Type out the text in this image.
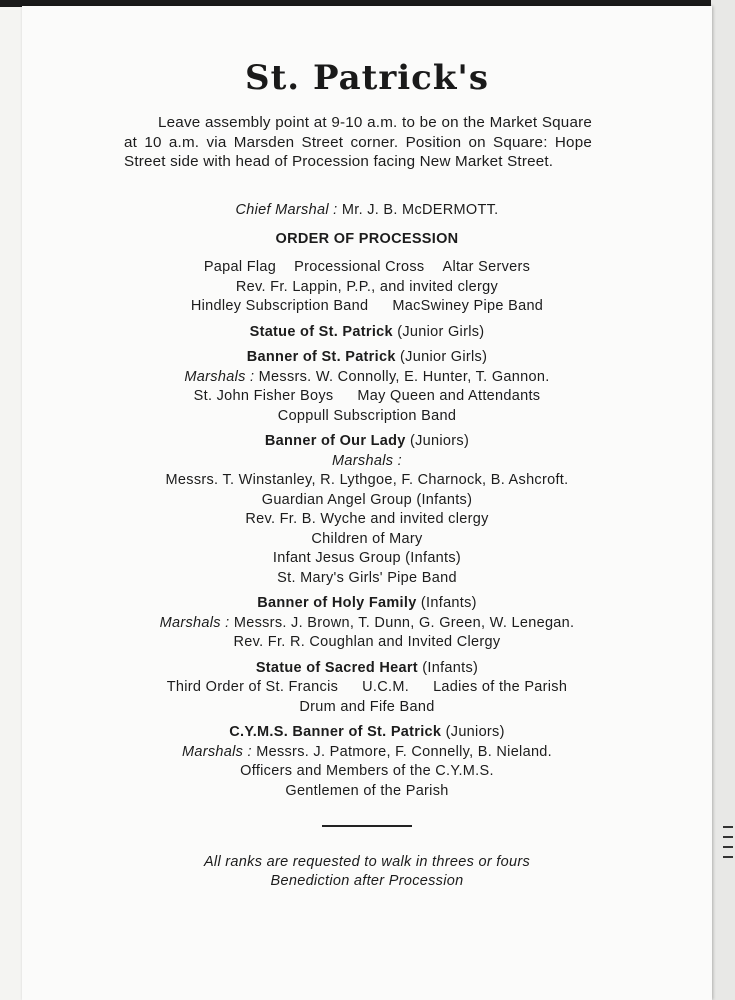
St. Patrick's

Leave assembly point at 9-10 a.m. to be on the Market Square at 10 a.m. via Marsden Street corner. Position on Square: Hope Street side with head of Procession facing New Market Street.

Chief Marshal : Mr. J. B. McDERMOTT.

ORDER OF PROCESSION

Papal Flag Processional Cross Altar Servers

Rev. Fr. Lappin, P.P., and invited clergy

Hindley Subscription Band MacSwiney Pipe Band

Statue of St. Patrick (Junior Girls)

Banner of St. Patrick (Junior Girls)

Marshals : Messrs. W. Connolly, E. Hunter, T. Gannon.

St. John Fisher Boys May Queen and Attendants

Coppull Subscription Band

Banner of Our Lady (Juniors)

Marshals :

Messrs. T. Winstanley, R. Lythgoe, F. Charnock, B. Ashcroft.

Guardian Angel Group (Infants)

Rev. Fr. B. Wyche and invited clergy

Children of Mary

Infant Jesus Group (Infants)

St. Mary's Girls' Pipe Band

Banner of Holy Family (Infants)

Marshals : Messrs. J. Brown, T. Dunn, G. Green, W. Lenegan.

Rev. Fr. R. Coughlan and Invited Clergy

Statue of Sacred Heart (Infants)

Third Order of St. Francis U.C.M. Ladies of the Parish

Drum and Fife Band

C.Y.M.S. Banner of St. Patrick (Juniors)

Marshals : Messrs. J. Patmore, F. Connelly, B. Nieland.

Officers and Members of the C.Y.M.S.

Gentlemen of the Parish

All ranks are requested to walk in threes or fours

Benediction after Procession
